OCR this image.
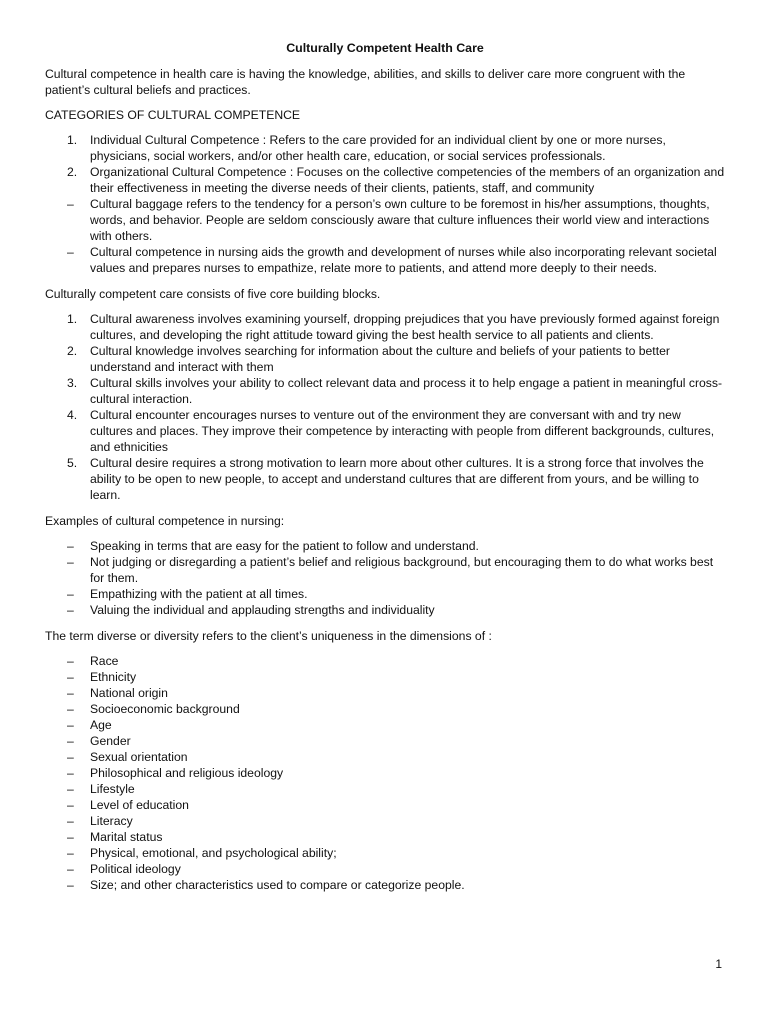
Culturally Competent Health Care

Cultural competence in health care is having the knowledge, abilities, and skills to deliver care more congruent with the patient’s cultural beliefs and practices.

CATEGORIES OF CULTURAL COMPETENCE

1. Individual Cultural Competence : Refers to the care provided for an individual client by one or more nurses, physicians, social workers, and/or other health care, education, or social services professionals.
2. Organizational Cultural Competence : Focuses on the collective competencies of the members of an organization and their effectiveness in meeting the diverse needs of their clients, patients, staff, and community
– Cultural baggage refers to the tendency for a person’s own culture to be foremost in his/her assumptions, thoughts, words, and behavior. People are seldom consciously aware that culture influences their world view and interactions with others.
– Cultural competence in nursing aids the growth and development of nurses while also incorporating relevant societal values and prepares nurses to empathize, relate more to patients, and attend more deeply to their needs.

Culturally competent care consists of five core building blocks.

1. Cultural awareness involves examining yourself, dropping prejudices that you have previously formed against foreign cultures, and developing the right attitude toward giving the best health service to all patients and clients.
2. Cultural knowledge involves searching for information about the culture and beliefs of your patients to better understand and interact with them
3. Cultural skills involves your ability to collect relevant data and process it to help engage a patient in meaningful cross-cultural interaction.
4. Cultural encounter encourages nurses to venture out of the environment they are conversant with and try new cultures and places. They improve their competence by interacting with people from different backgrounds, cultures, and ethnicities
5. Cultural desire requires a strong motivation to learn more about other cultures. It is a strong force that involves the ability to be open to new people, to accept and understand cultures that are different from yours, and be willing to learn.

Examples of cultural competence in nursing:

– Speaking in terms that are easy for the patient to follow and understand.
– Not judging or disregarding a patient’s belief and religious background, but encouraging them to do what works best for them.
– Empathizing with the patient at all times.
– Valuing the individual and applauding strengths and individuality

The term diverse or diversity refers to the client’s uniqueness in the dimensions of :

– Race
– Ethnicity
– National origin
– Socioeconomic background
– Age
– Gender
– Sexual orientation
– Philosophical and religious ideology
– Lifestyle
– Level of education
– Literacy
– Marital status
– Physical, emotional, and psychological ability;
– Political ideology
– Size; and other characteristics used to compare or categorize people.
1
